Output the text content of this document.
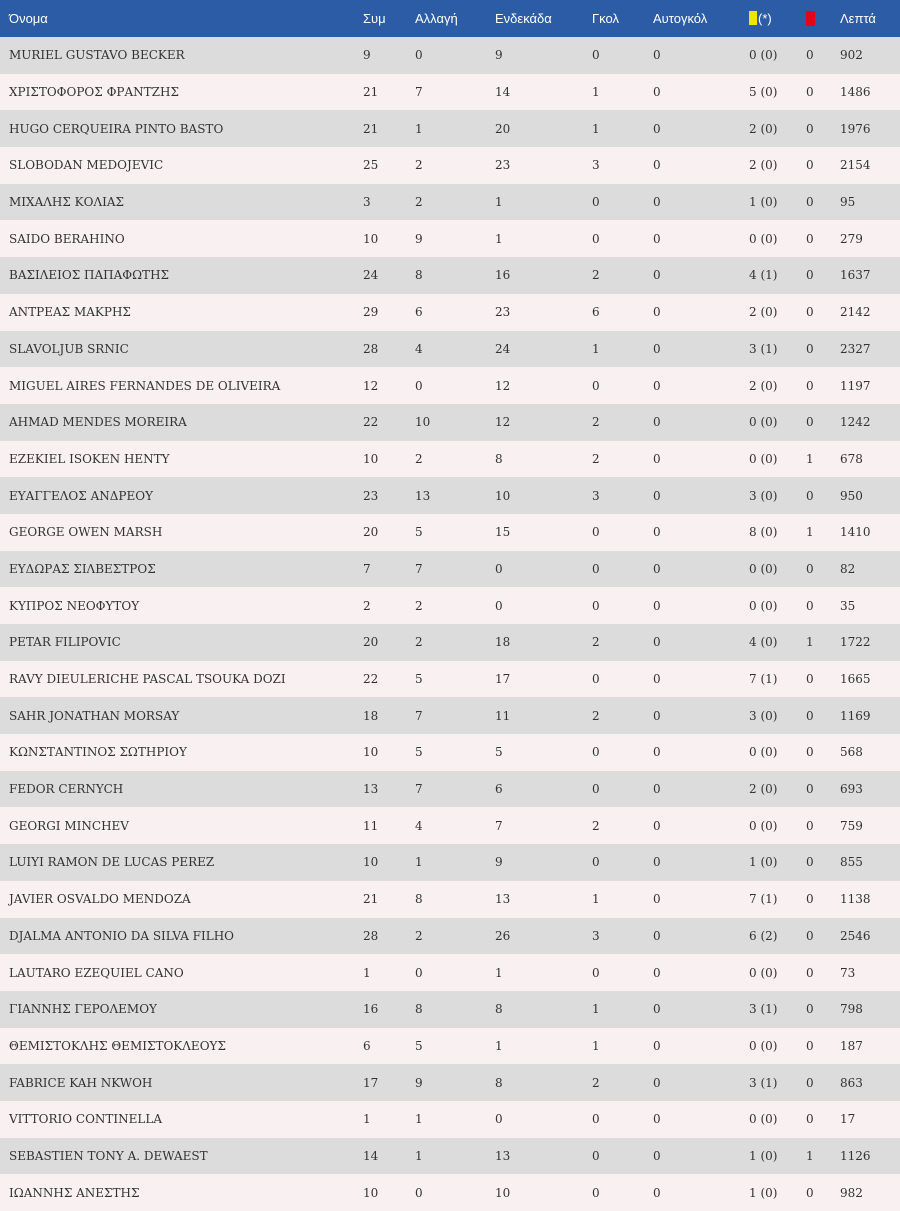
Όνομα	Συμ	Αλλαγή	Ενδεκάδα	Γκολ	Αυτογκόλ	(*)		Λεπτά
MURIEL GUSTAVO BECKER	9	0	9	0	0	0 (0)	0	902
ΧΡΙΣΤΟΦΟΡΟΣ ΦΡΑΝΤΖΗΣ	21	7	14	1	0	5 (0)	0	1486
HUGO CERQUEIRA PINTO BASTO	21	1	20	1	0	2 (0)	0	1976
SLOBODAN MEDOJEVIC	25	2	23	3	0	2 (0)	0	2154
ΜΙΧΑΛΗΣ ΚΟΛΙΑΣ	3	2	1	0	0	1 (0)	0	95
SAIDO BERAHINO	10	9	1	0	0	0 (0)	0	279
ΒΑΣΙΛΕΙΟΣ ΠΑΠΑΦΩΤΗΣ	24	8	16	2	0	4 (1)	0	1637
ΑΝΤΡΕΑΣ ΜΑΚΡΗΣ	29	6	23	6	0	2 (0)	0	2142
SLAVOLJUB SRNIC	28	4	24	1	0	3 (1)	0	2327
MIGUEL AIRES FERNANDES DE OLIVEIRA	12	0	12	0	0	2 (0)	0	1197
AHMAD MENDES MOREIRA	22	10	12	2	0	0 (0)	0	1242
EZEKIEL ISOKEN HENTY	10	2	8	2	0	0 (0)	1	678
ΕΥΑΓΓΕΛΟΣ ΑΝΔΡΕΟΥ	23	13	10	3	0	3 (0)	0	950
GEORGE OWEN MARSH	20	5	15	0	0	8 (0)	1	1410
ΕΥΔΩΡΑΣ ΣΙΛΒΕΣΤΡΟΣ	7	7	0	0	0	0 (0)	0	82
ΚΥΠΡΟΣ ΝΕΟΦΥΤΟΥ	2	2	0	0	0	0 (0)	0	35
PETAR FILIPOVIC	20	2	18	2	0	4 (0)	1	1722
RAVY DIEULERICHE PASCAL TSOUKA DOZI	22	5	17	0	0	7 (1)	0	1665
SAHR JONATHAN MORSAY	18	7	11	2	0	3 (0)	0	1169
ΚΩΝΣΤΑΝΤΙΝΟΣ ΣΩΤΗΡΙΟΥ	10	5	5	0	0	0 (0)	0	568
FEDOR CERNYCH	13	7	6	0	0	2 (0)	0	693
GEORGI MINCHEV	11	4	7	2	0	0 (0)	0	759
LUIYI RAMON DE LUCAS PEREZ	10	1	9	0	0	1 (0)	0	855
JAVIER OSVALDO MENDOZA	21	8	13	1	0	7 (1)	0	1138
DJALMA ANTONIO DA SILVA FILHO	28	2	26	3	0	6 (2)	0	2546
LAUTARO EZEQUIEL CANO	1	0	1	0	0	0 (0)	0	73
ΓΙΑΝΝΗΣ ΓΕΡΟΛΕΜΟΥ	16	8	8	1	0	3 (1)	0	798
ΘΕΜΙΣΤΟΚΛΗΣ ΘΕΜΙΣΤΟΚΛΕΟΥΣ	6	5	1	1	0	0 (0)	0	187
FABRICE KAH NKWOH	17	9	8	2	0	3 (1)	0	863
VITTORIO CONTINELLA	1	1	0	0	0	0 (0)	0	17
SEBASTIEN TONY A. DEWAEST	14	1	13	0	0	1 (0)	1	1126
ΙΩΑΝΝΗΣ ΑΝΕΣΤΗΣ	10	0	10	0	0	1 (0)	0	982
